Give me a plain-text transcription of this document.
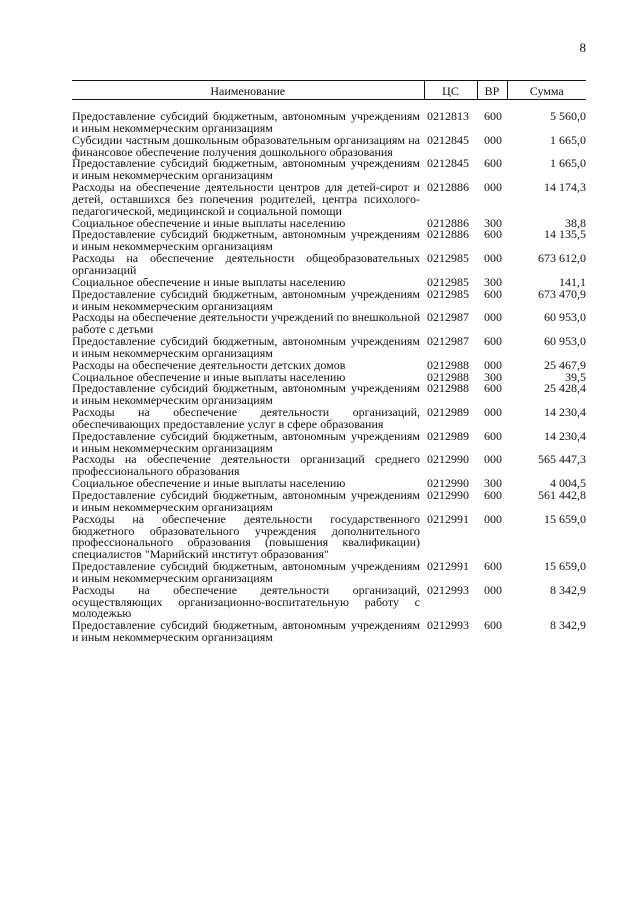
8
Наименование	ЦС	ВР	Сумма
Предоставление субсидий бюджетным, автономным учреждениям и иным некоммерческим организациям	0212813	600	5 560,0
Субсидии частным дошкольным образовательным организациям на финансовое обеспечение получения дошкольного образования	0212845	000	1 665,0
Предоставление субсидий бюджетным, автономным учреждениям и иным некоммерческим организациям	0212845	600	1 665,0
Расходы на обеспечение деятельности центров для детей-сирот и детей, оставшихся без попечения родителей, центра психолого-педагогической, медицинской и социальной помощи	0212886	000	14 174,3
Социальное обеспечение и иные выплаты населению	0212886	300	38,8
Предоставление субсидий бюджетным, автономным учреждениям и иным некоммерческим организациям	0212886	600	14 135,5
Расходы на обеспечение деятельности общеобразовательных организаций	0212985	000	673 612,0
Социальное обеспечение и иные выплаты населению	0212985	300	141,1
Предоставление субсидий бюджетным, автономным учреждениям и иным некоммерческим организациям	0212985	600	673 470,9
Расходы на обеспечение деятельности учреждений по внешкольной работе с детьми	0212987	000	60 953,0
Предоставление субсидий бюджетным, автономным учреждениям и иным некоммерческим организациям	0212987	600	60 953,0
Расходы на обеспечение деятельности детских домов	0212988	000	25 467,9
Социальное обеспечение и иные выплаты населению	0212988	300	39,5
Предоставление субсидий бюджетным, автономным учреждениям и иным некоммерческим организациям	0212988	600	25 428,4
Расходы на обеспечение деятельности организаций, обеспечивающих предоставление услуг в сфере образования	0212989	000	14 230,4
Предоставление субсидий бюджетным, автономным учреждениям и иным некоммерческим организациям	0212989	600	14 230,4
Расходы на обеспечение деятельности организаций среднего профессионального образования	0212990	000	565 447,3
Социальное обеспечение и иные выплаты населению	0212990	300	4 004,5
Предоставление субсидий бюджетным, автономным учреждениям и иным некоммерческим организациям	0212990	600	561 442,8
Расходы на обеспечение деятельности государственного бюджетного образовательного учреждения дополнительного профессионального образования (повышения квалификации) специалистов "Марийский институт образования"	0212991	000	15 659,0
Предоставление субсидий бюджетным, автономным учреждениям и иным некоммерческим организациям	0212991	600	15 659,0
Расходы на обеспечение деятельности организаций, осуществляющих организационно-воспитательную работу с молодежью	0212993	000	8 342,9
Предоставление субсидий бюджетным, автономным учреждениям и иным некоммерческим организациям	0212993	600	8 342,9
